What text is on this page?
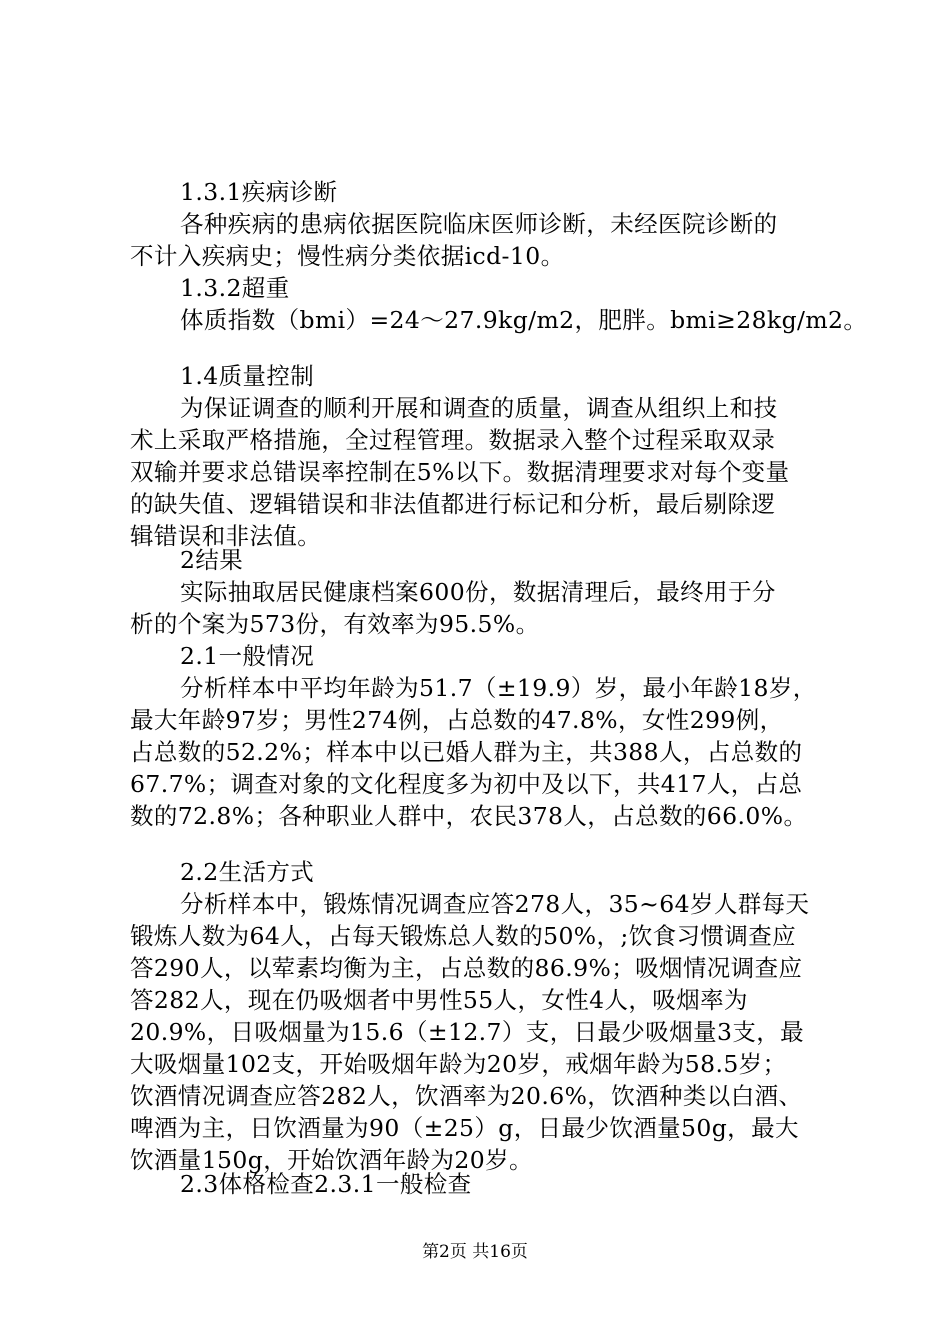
1.3.1疾病诊断
各种疾病的患病依据医院临床医师诊断，未经医院诊断的
不计入疾病史；慢性病分类依据icd-10。
1.3.2超重
体质指数（bmi）=24～27.9kg/m2，肥胖。bmi≥28kg/m2。
1.4质量控制
为保证调查的顺利开展和调查的质量，调查从组织上和技
术上采取严格措施，全过程管理。数据录入整个过程采取双录
双输并要求总错误率控制在5%以下。数据清理要求对每个变量
的缺失值、逻辑错误和非法值都进行标记和分析，最后剔除逻
辑错误和非法值。
2结果
实际抽取居民健康档案600份，数据清理后，最终用于分
析的个案为573份，有效率为95.5%。
2.1一般情况
分析样本中平均年龄为51.7（±19.9）岁，最小年龄18岁，
最大年龄97岁；男性274例，占总数的47.8%，女性299例，
占总数的52.2%；样本中以已婚人群为主，共388人，占总数的
67.7%；调查对象的文化程度多为初中及以下，共417人，占总
数的72.8%；各种职业人群中，农民378人，占总数的66.0%。
2.2生活方式
分析样本中，锻炼情况调查应答278人，35~64岁人群每天
锻炼人数为64人，占每天锻炼总人数的50%，;饮食习惯调查应
答290人，以荤素均衡为主，占总数的86.9%；吸烟情况调查应
答282人，现在仍吸烟者中男性55人，女性4人，吸烟率为
20.9%，日吸烟量为15.6（±12.7）支，日最少吸烟量3支，最
大吸烟量102支，开始吸烟年龄为20岁，戒烟年龄为58.5岁；
饮酒情况调查应答282人，饮酒率为20.6%，饮酒种类以白酒、
啤酒为主，日饮酒量为90（±25）g，日最少饮酒量50g，最大
饮酒量150g，开始饮酒年龄为20岁。
2.3体格检查2.3.1一般检查
第2页 共16页
